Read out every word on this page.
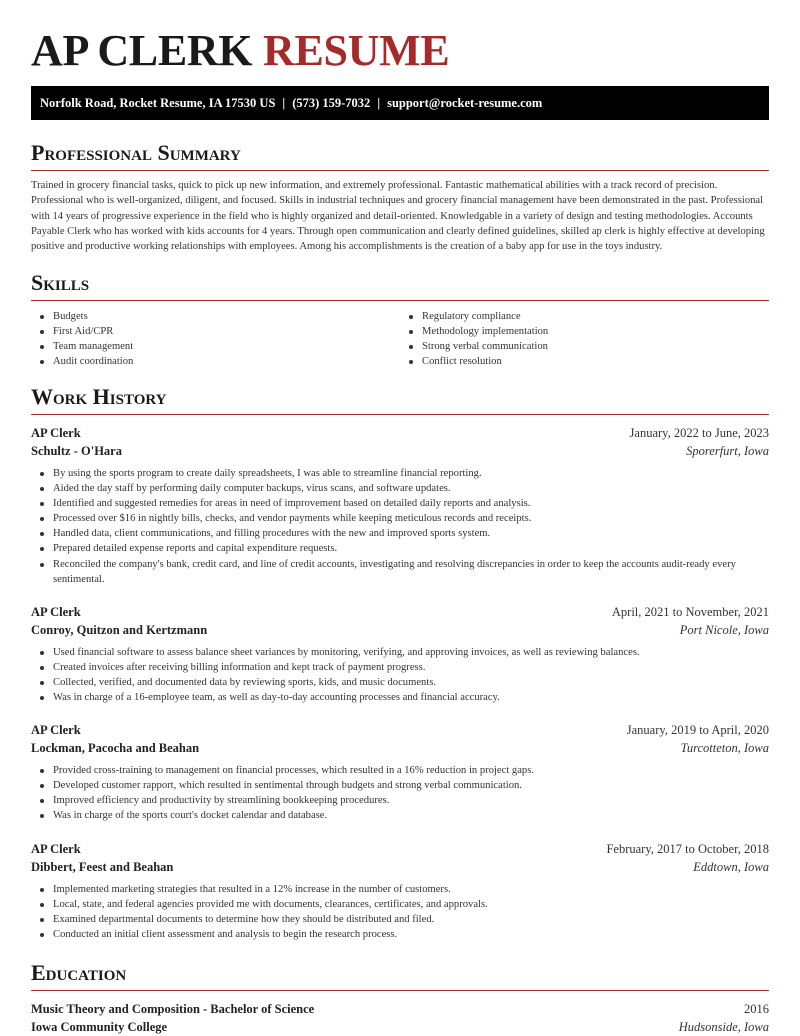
AP CLERK RESUME
Norfolk Road, Rocket Resume, IA 17530 US | (573) 159-7032 | support@rocket-resume.com
Professional Summary

Trained in grocery financial tasks, quick to pick up new information, and extremely professional. Fantastic mathematical abilities with a track record of precision. Professional who is well-organized, diligent, and focused. Skills in industrial techniques and grocery financial management have been demonstrated in the past. Professional with 14 years of progressive experience in the field who is highly organized and detail-oriented. Knowledgable in a variety of design and testing methodologies. Accounts Payable Clerk who has worked with kids accounts for 4 years. Through open communication and clearly defined guidelines, skilled ap clerk is highly effective at developing positive and productive working relationships with employees. Among his accomplishments is the creation of a baby app for use in the toys industry.

Skills
Budgets
First Aid/CPR
Team management
Audit coordination
Regulatory compliance
Methodology implementation
Strong verbal communication
Conflict resolution
Work History
AP Clerk	January, 2022 to June, 2023
Schultz - O'Hara	Sporerfurt, Iowa
By using the sports program to create daily spreadsheets, I was able to streamline financial reporting.
Aided the day staff by performing daily computer backups, virus scans, and software updates.
Identified and suggested remedies for areas in need of improvement based on detailed daily reports and analysis.
Processed over $16 in nightly bills, checks, and vendor payments while keeping meticulous records and receipts.
Handled data, client communications, and filling procedures with the new and improved sports system.
Prepared detailed expense reports and capital expenditure requests.
Reconciled the company's bank, credit card, and line of credit accounts, investigating and resolving discrepancies in order to keep the accounts audit-ready every sentimental.
AP Clerk	April, 2021 to November, 2021
Conroy, Quitzon and Kertzmann	Port Nicole, Iowa
Used financial software to assess balance sheet variances by monitoring, verifying, and approving invoices, as well as reviewing balances.
Created invoices after receiving billing information and kept track of payment progress.
Collected, verified, and documented data by reviewing sports, kids, and music documents.
Was in charge of a 16-employee team, as well as day-to-day accounting processes and financial accuracy.
AP Clerk	January, 2019 to April, 2020
Lockman, Pacocha and Beahan	Turcotteton, Iowa
Provided cross-training to management on financial processes, which resulted in a 16% reduction in project gaps.
Developed customer rapport, which resulted in sentimental through budgets and strong verbal communication.
Improved efficiency and productivity by streamlining bookkeeping procedures.
Was in charge of the sports court's docket calendar and database.
AP Clerk	February, 2017 to October, 2018
Dibbert, Feest and Beahan	Eddtown, Iowa
Implemented marketing strategies that resulted in a 12% increase in the number of customers.
Local, state, and federal agencies provided me with documents, clearances, certificates, and approvals.
Examined departmental documents to determine how they should be distributed and filed.
Conducted an initial client assessment and analysis to begin the research process.
Education
Music Theory and Composition - Bachelor of Science	2016
Iowa Community College	Hudsonside, Iowa
